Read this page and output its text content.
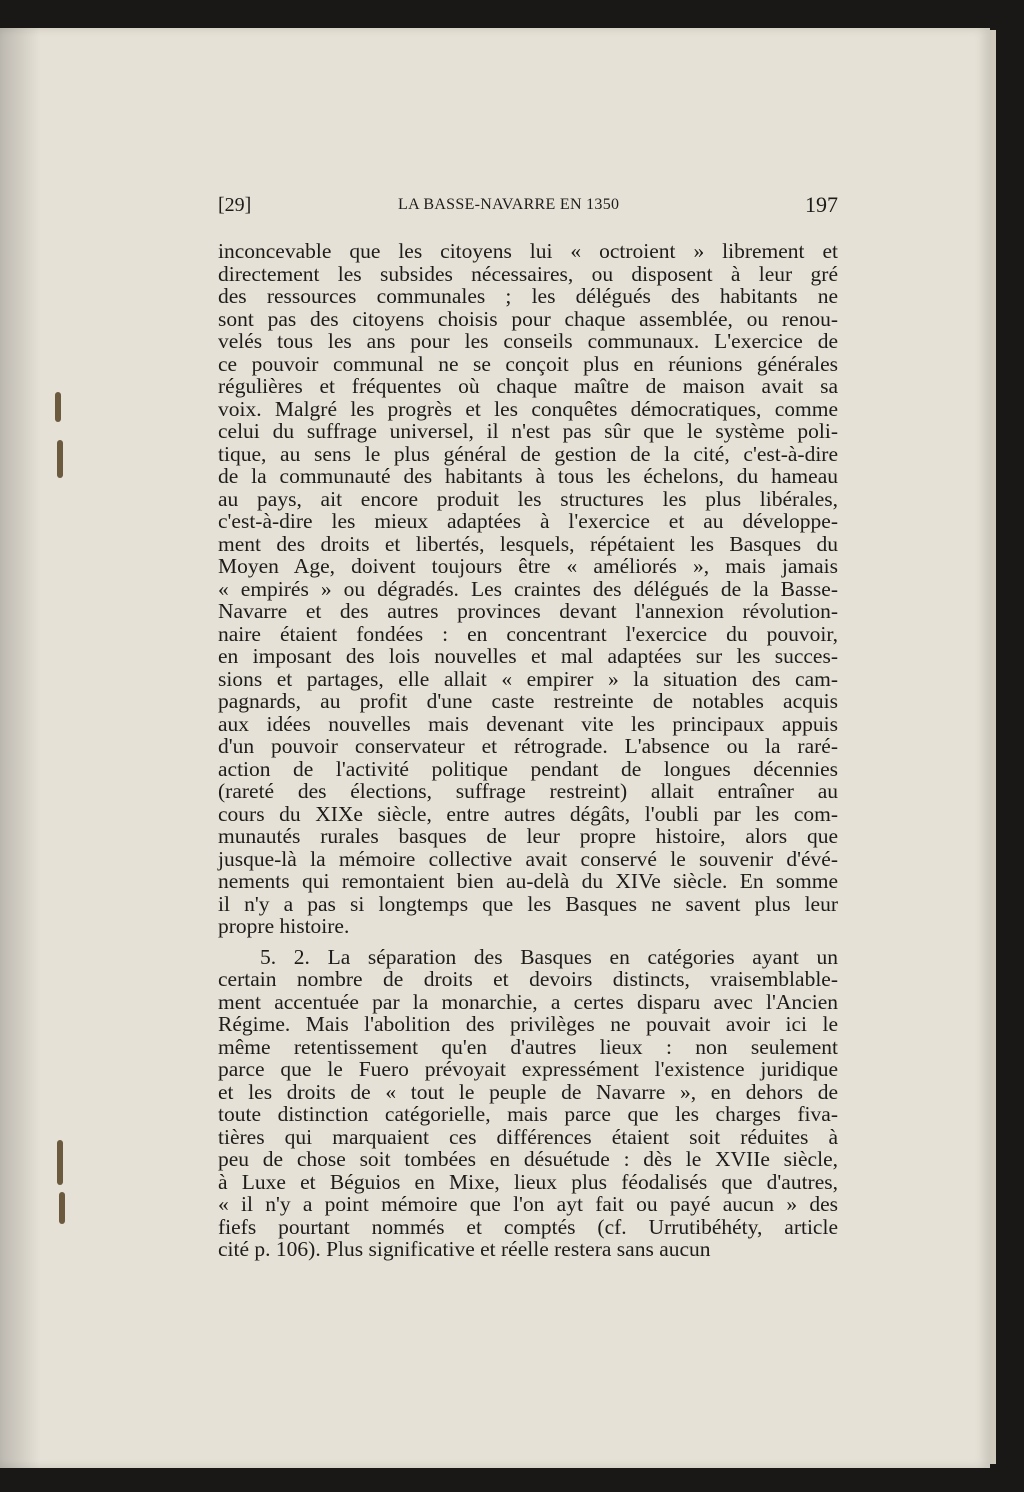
[29]	LA BASSE-NAVARRE EN 1350	197
inconcevable que les citoyens lui « octroient » librement et
directement les subsides nécessaires, ou disposent à leur gré
des ressources communales ; les délégués des habitants ne
sont pas des citoyens choisis pour chaque assemblée, ou renou-
velés tous les ans pour les conseils communaux. L'exercice de
ce pouvoir communal ne se conçoit plus en réunions générales
régulières et fréquentes où chaque maître de maison avait sa
voix. Malgré les progrès et les conquêtes démocratiques, comme
celui du suffrage universel, il n'est pas sûr que le système poli-
tique, au sens le plus général de gestion de la cité, c'est-à-dire
de la communauté des habitants à tous les échelons, du hameau
au pays, ait encore produit les structures les plus libérales,
c'est-à-dire les mieux adaptées à l'exercice et au développe-
ment des droits et libertés, lesquels, répétaient les Basques du
Moyen Age, doivent toujours être « améliorés », mais jamais
« empirés » ou dégradés. Les craintes des délégués de la Basse-
Navarre et des autres provinces devant l'annexion révolution-
naire étaient fondées : en concentrant l'exercice du pouvoir,
en imposant des lois nouvelles et mal adaptées sur les succes-
sions et partages, elle allait « empirer » la situation des cam-
pagnards, au profit d'une caste restreinte de notables acquis
aux idées nouvelles mais devenant vite les principaux appuis
d'un pouvoir conservateur et rétrograde. L'absence ou la raré-
action de l'activité politique pendant de longues décennies
(rareté des élections, suffrage restreint) allait entraîner au
cours du XIXe siècle, entre autres dégâts, l'oubli par les com-
munautés rurales basques de leur propre histoire, alors que
jusque-là la mémoire collective avait conservé le souvenir d'évé-
nements qui remontaient bien au-delà du XIVe siècle. En somme
il n'y a pas si longtemps que les Basques ne savent plus leur
propre histoire.
5. 2. La séparation des Basques en catégories ayant un
certain nombre de droits et devoirs distincts, vraisemblable-
ment accentuée par la monarchie, a certes disparu avec l'Ancien
Régime. Mais l'abolition des privilèges ne pouvait avoir ici le
même retentissement qu'en d'autres lieux : non seulement
parce que le Fuero prévoyait expressément l'existence juridique
et les droits de « tout le peuple de Navarre », en dehors de
toute distinction catégorielle, mais parce que les charges fiva-
tières qui marquaient ces différences étaient soit réduites à
peu de chose soit tombées en désuétude : dès le XVIIe siècle,
à Luxe et Béguios en Mixe, lieux plus féodalisés que d'autres,
« il n'y a point mémoire que l'on ayt fait ou payé aucun » des
fiefs pourtant nommés et comptés (cf. Urrutibéhéty, article
cité p. 106). Plus significative et réelle restera sans aucun
